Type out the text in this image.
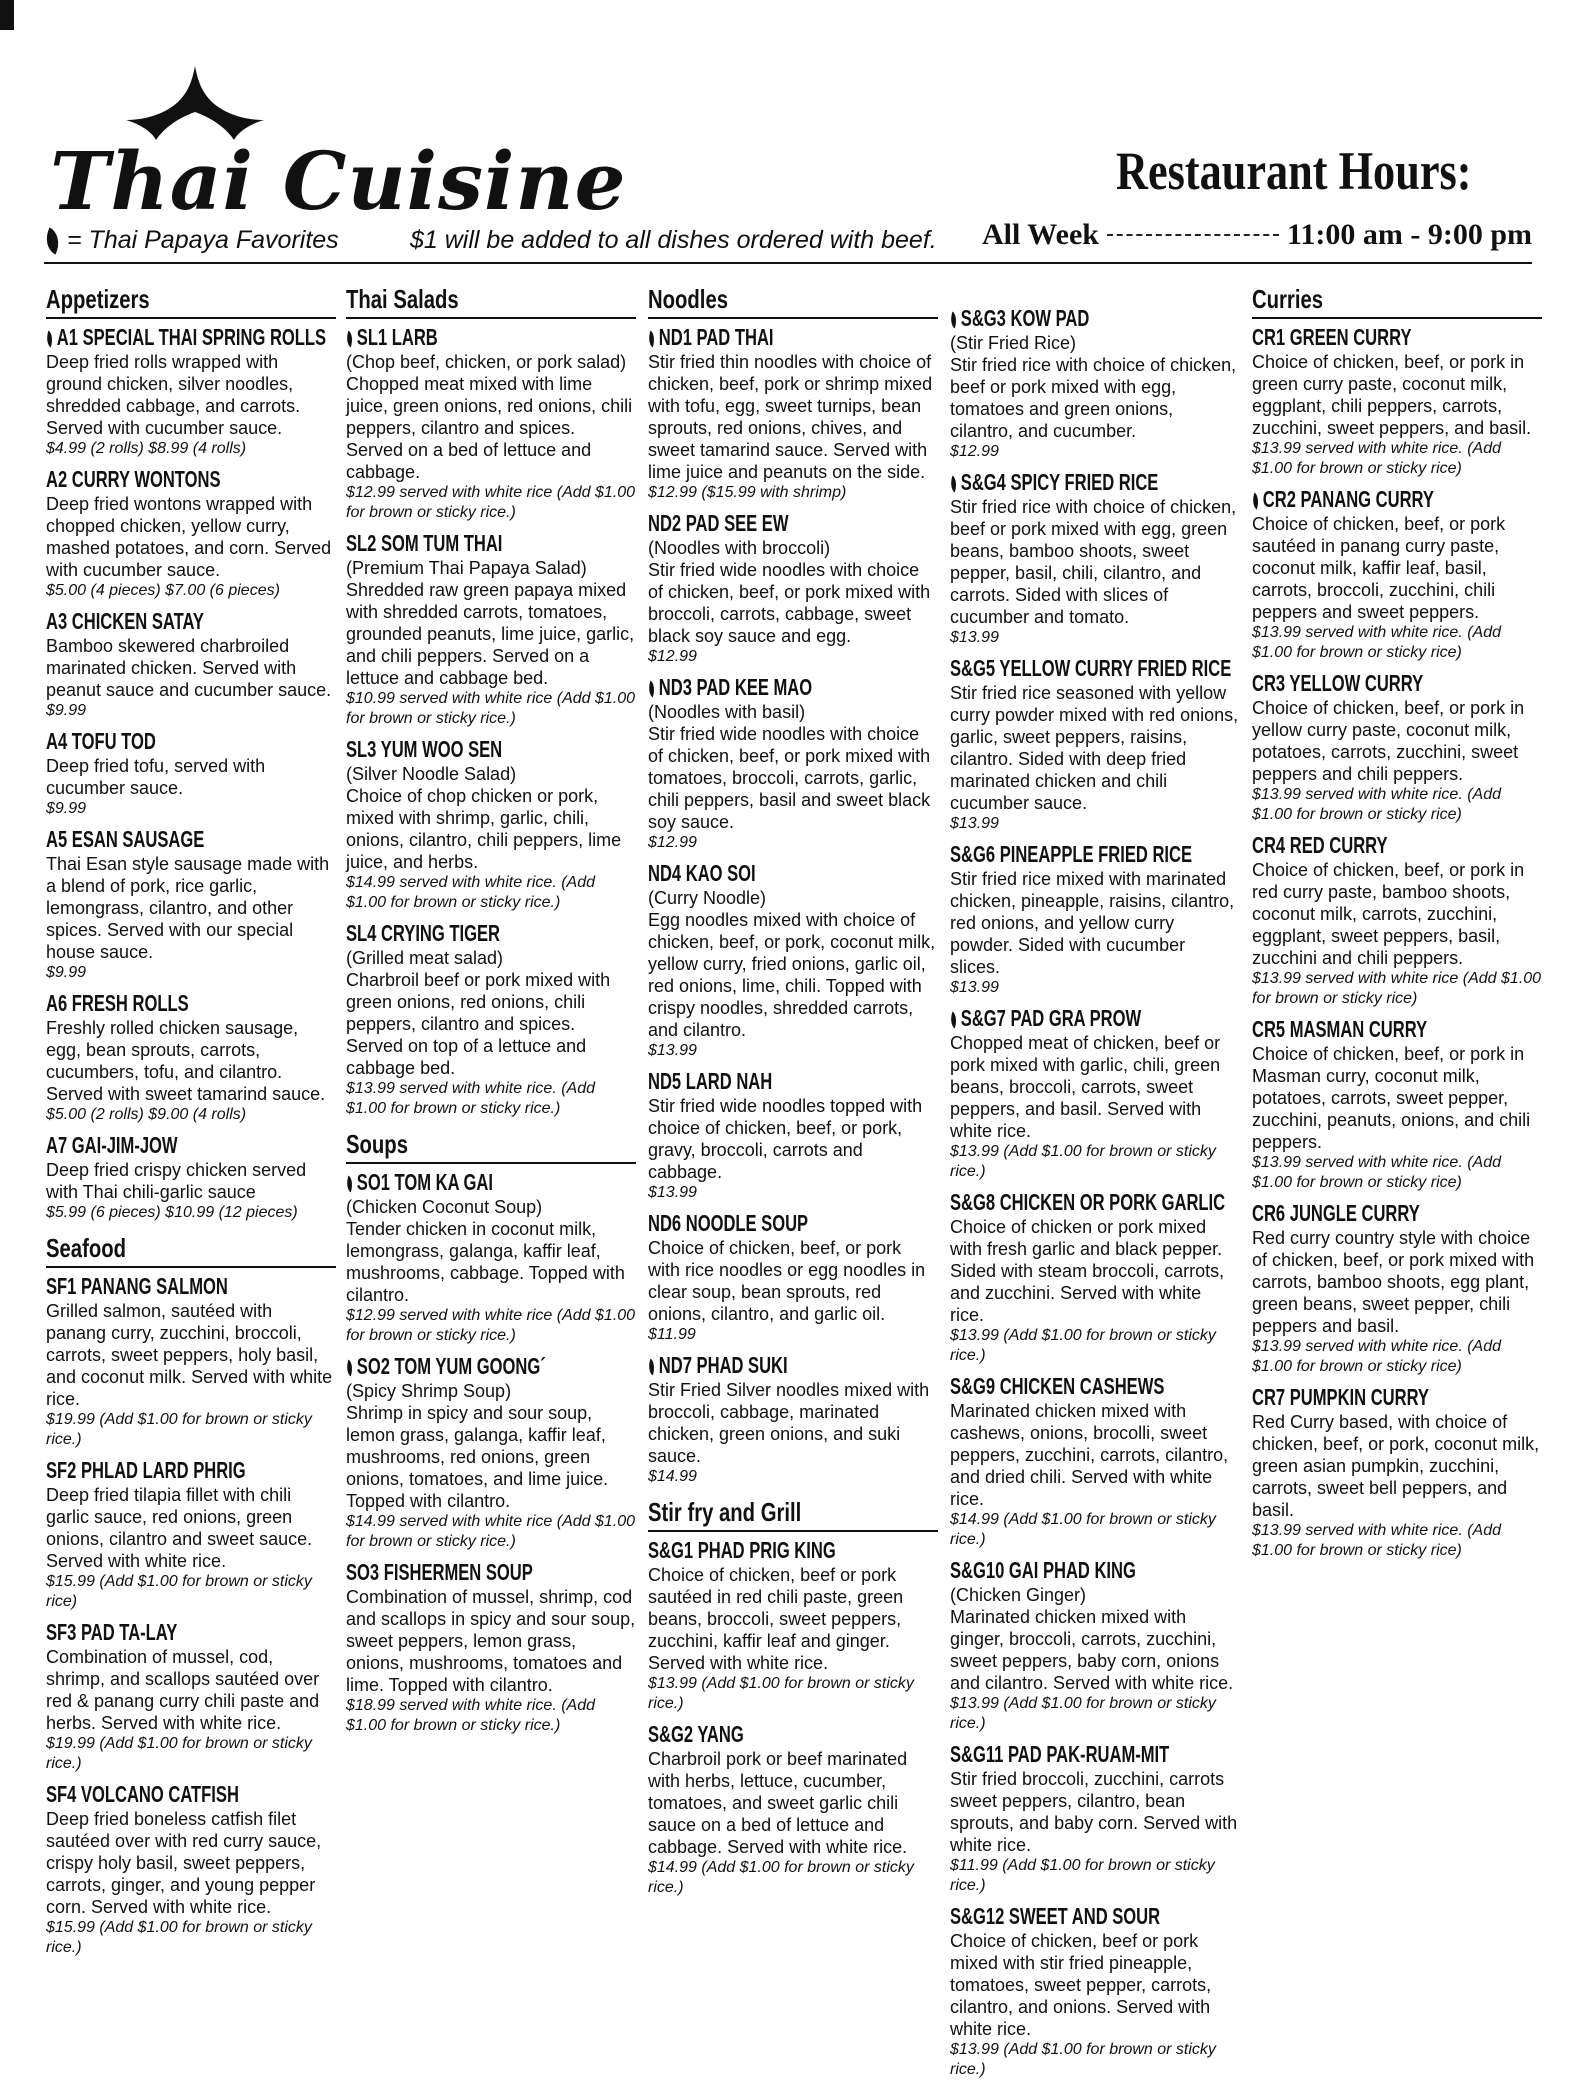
Thai Cuisine
= Thai Papaya Favorites	$1 will be added to all dishes ordered with beef.
Restaurant Hours:
All Week	11:00 am - 9:00 pm
Appetizers
A1 SPECIAL THAI SPRING ROLLS
Deep fried rolls wrapped with ground chicken, silver noodles, shredded cabbage, and carrots. Served with cucumber sauce.
$4.99 (2 rolls) $8.99 (4 rolls)
A2 CURRY WONTONS
Deep fried wontons wrapped with chopped chicken, yellow curry, mashed potatoes, and corn. Served with cucumber sauce.
$5.00 (4 pieces) $7.00 (6 pieces)
A3 CHICKEN SATAY
Bamboo skewered charbroiled marinated chicken. Served with peanut sauce and cucumber sauce.
$9.99
A4 TOFU TOD
Deep fried tofu, served with cucumber sauce.
$9.99
A5 ESAN SAUSAGE
Thai Esan style sausage made with a blend of pork, rice garlic, lemongrass, cilantro, and other spices. Served with our special house sauce.
$9.99
A6 FRESH ROLLS
Freshly rolled chicken sausage, egg, bean sprouts, carrots, cucumbers, tofu, and cilantro. Served with sweet tamarind sauce.
$5.00 (2 rolls) $9.00 (4 rolls)
A7 GAI-JIM-JOW
Deep fried crispy chicken served with Thai chili-garlic sauce
$5.99 (6 pieces) $10.99 (12 pieces)
Seafood
SF1 PANANG SALMON
Grilled salmon, sautéed with panang curry, zucchini, broccoli, carrots, sweet peppers, holy basil, and coconut milk. Served with white rice.
$19.99 (Add $1.00 for brown or sticky rice.)
SF2 PHLAD LARD PHRIG
Deep fried tilapia fillet with chili garlic sauce, red onions, green onions, cilantro and sweet sauce. Served with white rice.
$15.99 (Add $1.00 for brown or sticky rice)
SF3 PAD TA-LAY
Combination of mussel, cod, shrimp, and scallops sautéed over red & panang curry chili paste and herbs. Served with white rice.
$19.99 (Add $1.00 for brown or sticky rice.)
SF4 VOLCANO CATFISH
Deep fried boneless catfish filet sautéed over with red curry sauce, crispy holy basil, sweet peppers, carrots, ginger, and young pepper corn. Served with white rice.
$15.99 (Add $1.00 for brown or sticky rice.)
Thai Salads
SL1 LARB
(Chop beef, chicken, or pork salad) Chopped meat mixed with lime juice, green onions, red onions, chili peppers, cilantro and spices. Served on a bed of lettuce and cabbage.
$12.99 served with white rice (Add $1.00 for brown or sticky rice.)
SL2 SOM TUM THAI
(Premium Thai Papaya Salad)
Shredded raw green papaya mixed with shredded carrots, tomatoes, grounded peanuts, lime juice, garlic, and chili peppers. Served on a lettuce and cabbage bed.
$10.99 served with white rice (Add $1.00 for brown or sticky rice.)
SL3 YUM WOO SEN
(Silver Noodle Salad)
Choice of chop chicken or pork, mixed with shrimp, garlic, chili, onions, cilantro, chili peppers, lime juice, and herbs.
$14.99 served with white rice. (Add $1.00 for brown or sticky rice.)
SL4 CRYING TIGER
(Grilled meat salad)
Charbroil beef or pork mixed with green onions, red onions, chili peppers, cilantro and spices. Served on top of a lettuce and cabbage bed.
$13.99 served with white rice. (Add $1.00 for brown or sticky rice.)
Soups
SO1 TOM KA GAI
(Chicken Coconut Soup)
Tender chicken in coconut milk, lemongrass, galanga, kaffir leaf, mushrooms, cabbage. Topped with cilantro.
$12.99 served with white rice (Add $1.00 for brown or sticky rice.)
SO2 TOM YUM GOONG´
(Spicy Shrimp Soup)
Shrimp in spicy and sour soup, lemon grass, galanga, kaffir leaf, mushrooms, red onions, green onions, tomatoes, and lime juice. Topped with cilantro.
$14.99 served with white rice (Add $1.00 for brown or sticky rice.)
SO3 FISHERMEN SOUP
Combination of mussel, shrimp, cod and scallops in spicy and sour soup, sweet peppers, lemon grass, onions, mushrooms, tomatoes and lime. Topped with cilantro.
$18.99 served with white rice. (Add $1.00 for brown or sticky rice.)
Noodles
ND1 PAD THAI
Stir fried thin noodles with choice of chicken, beef, pork or shrimp mixed with tofu, egg, sweet turnips, bean sprouts, red onions, chives, and sweet tamarind sauce. Served with lime juice and peanuts on the side.
$12.99 ($15.99 with shrimp)
ND2 PAD SEE EW
(Noodles with broccoli)
Stir fried wide noodles with choice of chicken, beef, or pork mixed with broccoli, carrots, cabbage, sweet black soy sauce and egg.
$12.99
ND3 PAD KEE MAO
(Noodles with basil)
Stir fried wide noodles with choice of chicken, beef, or pork mixed with tomatoes, broccoli, carrots, garlic, chili peppers, basil and sweet black soy sauce.
$12.99
ND4 KAO SOI
(Curry Noodle)
Egg noodles mixed with choice of chicken, beef, or pork, coconut milk, yellow curry, fried onions, garlic oil, red onions, lime, chili. Topped with crispy noodles, shredded carrots, and cilantro.
$13.99
ND5 LARD NAH
Stir fried wide noodles topped with choice of chicken, beef, or pork, gravy, broccoli, carrots and cabbage.
$13.99
ND6 NOODLE SOUP
Choice of chicken, beef, or pork with rice noodles or egg noodles in clear soup, bean sprouts, red onions, cilantro, and garlic oil.
$11.99
ND7 PHAD SUKI
Stir Fried Silver noodles mixed with broccoli, cabbage, marinated chicken, green onions, and suki sauce.
$14.99
Stir fry and Grill
S&G1 PHAD PRIG KING
Choice of chicken, beef or pork sautéed in red chili paste, green beans, broccoli, sweet peppers, zucchini, kaffir leaf and ginger. Served with white rice.
$13.99 (Add $1.00 for brown or sticky rice.)
S&G2 YANG
Charbroil pork or beef marinated with herbs, lettuce, cucumber, tomatoes, and sweet garlic chili sauce on a bed of lettuce and cabbage. Served with white rice.
$14.99 (Add $1.00 for brown or sticky rice.)
S&G3 KOW PAD
(Stir Fried Rice)
Stir fried rice with choice of chicken, beef or pork mixed with egg, tomatoes and green onions, cilantro, and cucumber.
$12.99
S&G4 SPICY FRIED RICE
Stir fried rice with choice of chicken, beef or pork mixed with egg, green beans, bamboo shoots, sweet pepper, basil, chili, cilantro, and carrots. Sided with slices of cucumber and tomato.
$13.99
S&G5 YELLOW CURRY FRIED RICE
Stir fried rice seasoned with yellow curry powder mixed with red onions, garlic, sweet peppers, raisins, cilantro. Sided with deep fried marinated chicken and chili cucumber sauce.
$13.99
S&G6 PINEAPPLE FRIED RICE
Stir fried rice mixed with marinated chicken, pineapple, raisins, cilantro, red onions, and yellow curry powder. Sided with cucumber slices.
$13.99
S&G7 PAD GRA PROW
Chopped meat of chicken, beef or pork mixed with garlic, chili, green beans, broccoli, carrots, sweet peppers, and basil. Served with white rice.
$13.99 (Add $1.00 for brown or sticky rice.)
S&G8 CHICKEN OR PORK GARLIC
Choice of chicken or pork mixed with fresh garlic and black pepper. Sided with steam broccoli, carrots, and zucchini. Served with white rice.
$13.99 (Add $1.00 for brown or sticky rice.)
S&G9 CHICKEN CASHEWS
Marinated chicken mixed with cashews, onions, brocolli, sweet peppers, zucchini, carrots, cilantro, and dried chili. Served with white rice.
$14.99 (Add $1.00 for brown or sticky rice.)
S&G10 GAI PHAD KING
(Chicken Ginger)
Marinated chicken mixed with ginger, broccoli, carrots, zucchini, sweet peppers, baby corn, onions and cilantro. Served with white rice.
$13.99 (Add $1.00 for brown or sticky rice.)
S&G11 PAD PAK-RUAM-MIT
Stir fried broccoli, zucchini, carrots sweet peppers, cilantro, bean sprouts, and baby corn. Served with white rice.
$11.99 (Add $1.00 for brown or sticky rice.)
S&G12 SWEET AND SOUR
Choice of chicken, beef or pork mixed with stir fried pineapple, tomatoes, sweet pepper, carrots, cilantro, and onions. Served with white rice.
$13.99 (Add $1.00 for brown or sticky rice.)
Curries
CR1 GREEN CURRY
Choice of chicken, beef, or pork in green curry paste, coconut milk, eggplant, chili peppers, carrots, zucchini, sweet peppers, and basil.
$13.99 served with white rice. (Add $1.00 for brown or sticky rice)
CR2 PANANG CURRY
Choice of chicken, beef, or pork sautéed in panang curry paste, coconut milk, kaffir leaf, basil, carrots, broccoli, zucchini, chili peppers and sweet peppers.
$13.99 served with white rice. (Add $1.00 for brown or sticky rice)
CR3 YELLOW CURRY
Choice of chicken, beef, or pork in yellow curry paste, coconut milk, potatoes, carrots, zucchini, sweet peppers and chili peppers.
$13.99 served with white rice. (Add $1.00 for brown or sticky rice)
CR4 RED CURRY
Choice of chicken, beef, or pork in red curry paste, bamboo shoots, coconut milk, carrots, zucchini, eggplant, sweet peppers, basil, zucchini and chili peppers.
$13.99 served with white rice (Add $1.00 for brown or sticky rice)
CR5 MASMAN CURRY
Choice of chicken, beef, or pork in Masman curry, coconut milk, potatoes, carrots, sweet pepper, zucchini, peanuts, onions, and chili peppers.
$13.99 served with white rice. (Add $1.00 for brown or sticky rice)
CR6 JUNGLE CURRY
Red curry country style with choice of chicken, beef, or pork mixed with carrots, bamboo shoots, egg plant, green beans, sweet pepper, chili peppers and basil.
$13.99 served with white rice. (Add $1.00 for brown or sticky rice)
CR7 PUMPKIN CURRY
Red Curry based, with choice of chicken, beef, or pork, coconut milk, green asian pumpkin, zucchini, carrots, sweet bell peppers, and basil.
$13.99 served with white rice. (Add $1.00 for brown or sticky rice)
